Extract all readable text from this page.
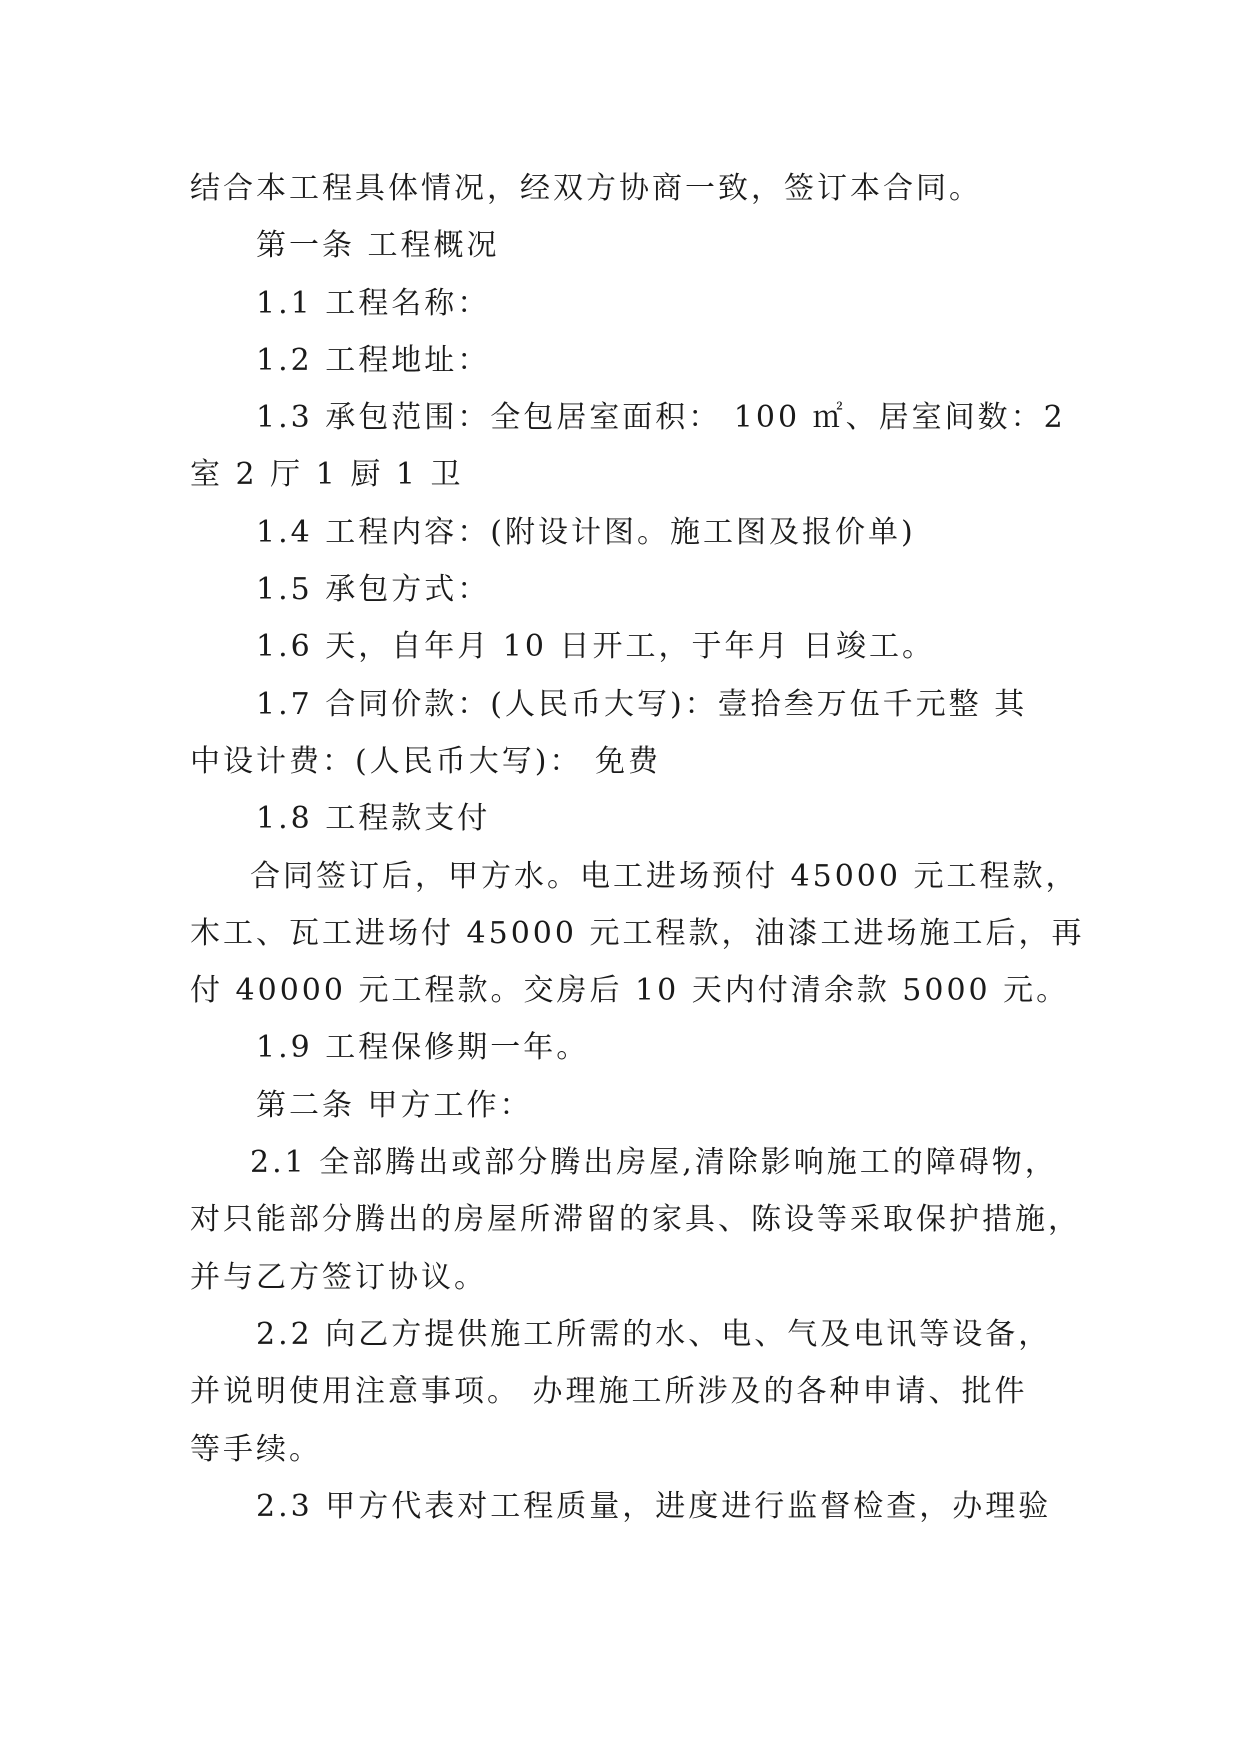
结合本工程具体情况，经双方协商一致，签订本合同。
第一条 工程概况
1.1 工程名称：
1.2 工程地址：
1.3 承包范围：全包居室面积： 100 ㎡、居室间数：2
室 2 厅 1 厨 1 卫
1.4 工程内容：(附设计图。施工图及报价单)
1.5 承包方式：
1.6 天，自年月 10 日开工，于年月 日竣工。
1.7 合同价款：(人民币大写)：壹拾叁万伍千元整 其
中设计费：(人民币大写)： 免费
1.8 工程款支付
合同签订后，甲方水。电工进场预付 45000 元工程款，
木工、瓦工进场付 45000 元工程款，油漆工进场施工后，再
付 40000 元工程款。交房后 10 天内付清余款 5000 元。
1.9 工程保修期一年。
第二条 甲方工作：
2.1 全部腾出或部分腾出房屋,清除影响施工的障碍物，
对只能部分腾出的房屋所滞留的家具、陈设等采取保护措施，
并与乙方签订协议。
2.2 向乙方提供施工所需的水、电、气及电讯等设备，
并说明使用注意事项。 办理施工所涉及的各种申请、批件
等手续。
2.3 甲方代表对工程质量，进度进行监督检查，办理验
